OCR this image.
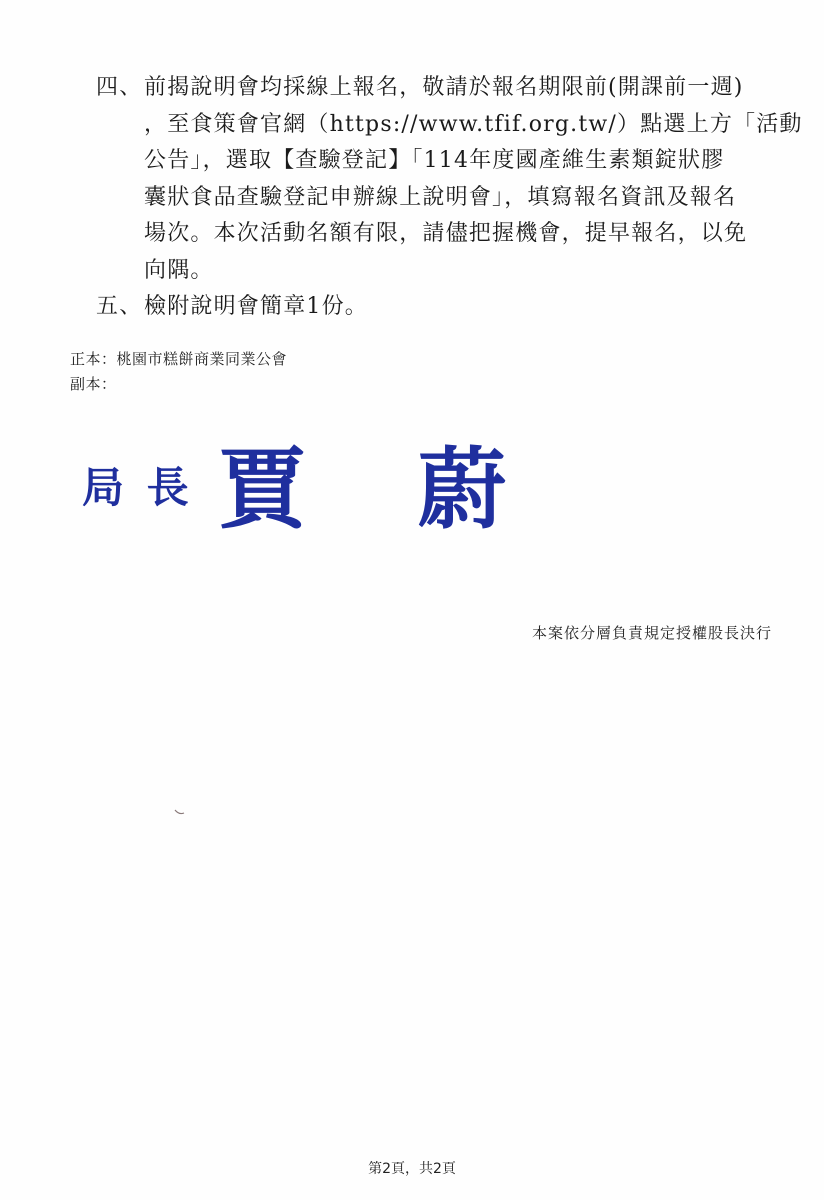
四、 前揭說明會均採線上報名，敬請於報名期限前(開課前一週)
，至食策會官網（https://www.tfif.org.tw/）點選上方「活動
公告」，選取【查驗登記】「114年度國產維生素類錠狀膠
囊狀食品查驗登記申辦線上說明會」，填寫報名資訊及報名
場次。本次活動名額有限，請儘把握機會，提早報名，以免
向隅。
五、 檢附說明會簡章1份。
正本： 桃園市糕餅商業同業公會
副本：
局 長 賈 蔚
本案依分層負責規定授權股長決行
第2頁，共2頁
